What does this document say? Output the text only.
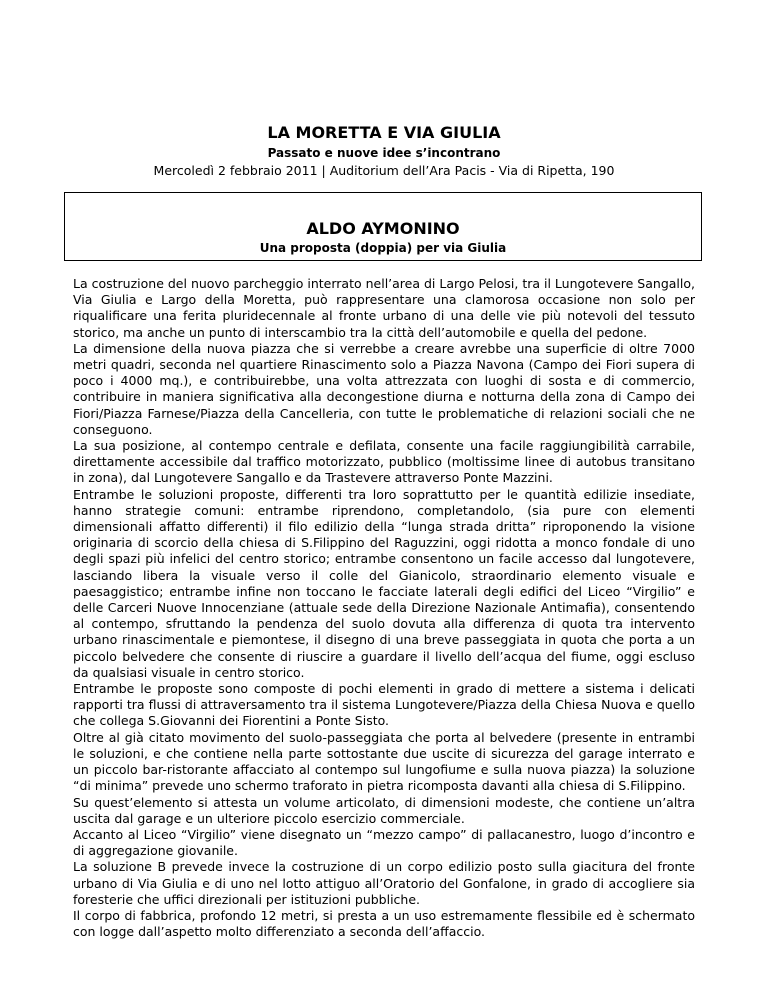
LA MORETTA E VIA GIULIA

Passato e nuove idee s’incontrano

Mercoledì 2 febbraio 2011 | Auditorium dell’Ara Pacis - Via di Ripetta, 190

ALDO AYMONINO

Una proposta (doppia) per via Giulia

La costruzione del nuovo parcheggio interrato nell’area di Largo Pelosi, tra il Lungotevere Sangallo, Via Giulia e Largo della Moretta, può rappresentare una clamorosa occasione non solo per riqualificare una ferita pluridecennale al fronte urbano di una delle vie più notevoli del tessuto storico, ma anche un punto di interscambio tra la città dell’automobile e quella del pedone.

La dimensione della nuova piazza che si verrebbe a creare avrebbe una superficie di oltre 7000 metri quadri, seconda nel quartiere Rinascimento solo a Piazza Navona (Campo dei Fiori supera di poco i 4000 mq.), e contribuirebbe, una volta attrezzata con luoghi di sosta e di commercio, contribuire in maniera significativa alla decongestione diurna e notturna della zona di Campo dei Fiori/Piazza Farnese/Piazza della Cancelleria, con tutte le problematiche di relazioni sociali che ne conseguono.

La sua posizione, al contempo centrale e defilata, consente una facile raggiungibilità carrabile, direttamente accessibile dal traffico motorizzato, pubblico (moltissime linee di autobus transitano in zona), dal Lungotevere Sangallo e da Trastevere attraverso Ponte Mazzini.

Entrambe le soluzioni proposte, differenti tra loro soprattutto per le quantità edilizie insediate, hanno strategie comuni: entrambe riprendono, completandolo, (sia pure con elementi dimensionali affatto differenti) il filo edilizio della “lunga strada dritta” riproponendo la visione originaria di scorcio della chiesa di S.Filippino del Raguzzini, oggi ridotta a monco fondale di uno degli spazi più infelici del centro storico; entrambe consentono un facile accesso dal lungotevere, lasciando libera la visuale verso il colle del Gianicolo, straordinario elemento visuale e paesaggistico; entrambe infine non toccano le facciate laterali degli edifici del Liceo “Virgilio” e delle Carceri Nuove Innocenziane (attuale sede della Direzione Nazionale Antimafia), consentendo al contempo, sfruttando la pendenza del suolo dovuta alla differenza di quota tra intervento urbano rinascimentale e piemontese, il disegno di una breve passeggiata in quota che porta a un piccolo belvedere che consente di riuscire a guardare il livello dell’acqua del fiume, oggi escluso da qualsiasi visuale in centro storico.

Entrambe le proposte sono composte di pochi elementi in grado di mettere a sistema i delicati rapporti tra flussi di attraversamento tra il sistema Lungotevere/Piazza della Chiesa Nuova e quello che collega S.Giovanni dei Fiorentini a Ponte Sisto.

Oltre al già citato movimento del suolo-passeggiata che porta al belvedere (presente in entrambi le soluzioni, e che contiene nella parte sottostante due uscite di sicurezza del garage interrato e un piccolo bar-ristorante affacciato al contempo sul lungofiume e sulla nuova piazza) la soluzione “di minima” prevede uno schermo traforato in pietra ricomposta davanti alla chiesa di S.Filippino.

Su quest’elemento si attesta un volume articolato, di dimensioni modeste, che contiene un’altra uscita dal garage e un ulteriore piccolo esercizio commerciale.

Accanto al Liceo “Virgilio” viene disegnato un “mezzo campo” di pallacanestro, luogo d’incontro e di aggregazione giovanile.

La soluzione B prevede invece la costruzione di un corpo edilizio posto sulla giacitura del fronte urbano di Via Giulia e di uno nel lotto attiguo all’Oratorio del Gonfalone, in grado di accogliere sia foresterie che uffici direzionali per istituzioni pubbliche.

Il corpo di fabbrica, profondo 12 metri, si presta a un uso estremamente flessibile ed è schermato con logge dall’aspetto molto differenziato a seconda dell’affaccio.
